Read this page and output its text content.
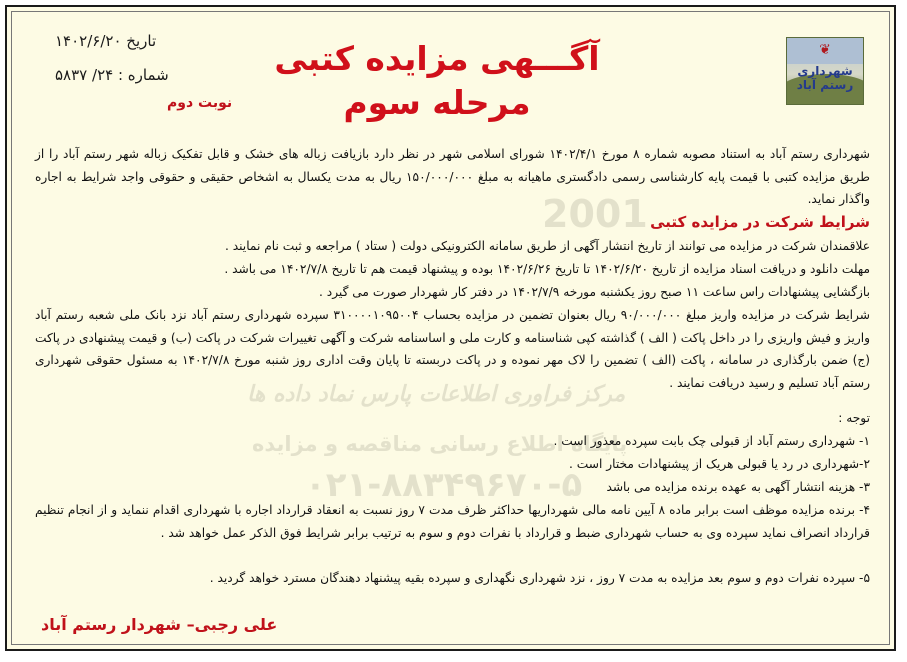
مرکز فراوری اطلاعات پارس نماد داده ها
پایگاه اطلاع رسانی مناقصه و مزایده
۰۲۱-۸۸۳۴۹۶۷۰-۵
2001
❦
شهرداری رستم آباد
آگـــهی مزایده کتبی مرحله سوم
تاریخ ۱۴۰۲/۶/۲۰
شماره : ۲۴/ ۵۸۳۷
نوبت دوم
شهرداری رستم آباد به استناد مصوبه شماره ۸ مورخ ۱۴۰۲/۴/۱ شورای اسلامی شهر در نظر دارد بازیافت زباله های خشک و قابل تفکیک زباله شهر رستم آباد را از طریق مزایده کتبی با قیمت پایه کارشناسی رسمی دادگستری ماهیانه به مبلغ ۱۵۰/۰۰۰/۰۰۰ ریال به مدت یکسال به اشخاص حقیقی و حقوقی واجد شرایط به اجاره واگذار نماید.
شرایط شرکت در مزایده کتبی
علاقمندان شرکت در مزایده می توانند از تاریخ انتشار آگهی از طریق سامانه الکترونیکی دولت ( ستاد ) مراجعه و ثبت نام نمایند .
مهلت دانلود و دریافت اسناد مزایده از تاریخ ۱۴۰۲/۶/۲۰ تا تاریخ ۱۴۰۲/۶/۲۶ بوده و پیشنهاد قیمت هم تا تاریخ ۱۴۰۲/۷/۸ می باشد .
بازگشایی پیشنهادات راس ساعت ۱۱ صبح روز یکشنبه مورخه ۱۴۰۲/۷/۹ در دفتر کار شهردار صورت می گیرد .
شرایط شرکت در مزایده واریز مبلغ ۹۰/۰۰۰/۰۰۰ ریال بعنوان تضمین در مزایده بحساب ۳۱۰۰۰۰۱۰۹۵۰۰۴ سپرده شهرداری رستم آباد نزد بانک ملی شعبه رستم آباد واریز و فیش واریزی را در داخل پاکت ( الف ) گذاشته کپی شناسنامه و کارت ملی و اساسنامه شرکت و آگهی تغییرات شرکت در پاکت (ب) و قیمت پیشنهادی در پاکت (ج) ضمن بارگذاری در سامانه ، پاکت (الف ) تضمین را لاک مهر نموده و در پاکت دربسته تا پایان وقت اداری روز شنبه مورخ ۱۴۰۲/۷/۸ به مسئول حقوقی شهرداری رستم آباد تسلیم و رسید دریافت نمایند .
توجه :
۱- شهرداری رستم آباد از قبولی چک بابت سپرده معذور است .
۲-شهرداری در رد یا قبولی هریک از پیشنهادات مختار است .
۳- هزینه انتشار آگهی به عهده برنده مزایده می باشد
۴- برنده مزایده موظف است برابر ماده ۸ آیین نامه مالی شهرداریها حداکثر ظرف مدت ۷ روز نسبت به انعقاد قرارداد اجاره با شهرداری اقدام ننماید و از انجام تنظیم قرارداد انصراف نماید سپرده وی به حساب شهرداری ضبط و قرارداد با نفرات دوم و سوم به ترتیب برابر شرایط فوق الذکر عمل خواهد شد .
۵- سپرده نفرات دوم و سوم بعد مزایده به مدت ۷ روز ، نزد شهرداری نگهداری و سپرده بقیه پیشنهاد دهندگان مسترد خواهد گردید .
علی رجبی– شهردار رستم آباد
